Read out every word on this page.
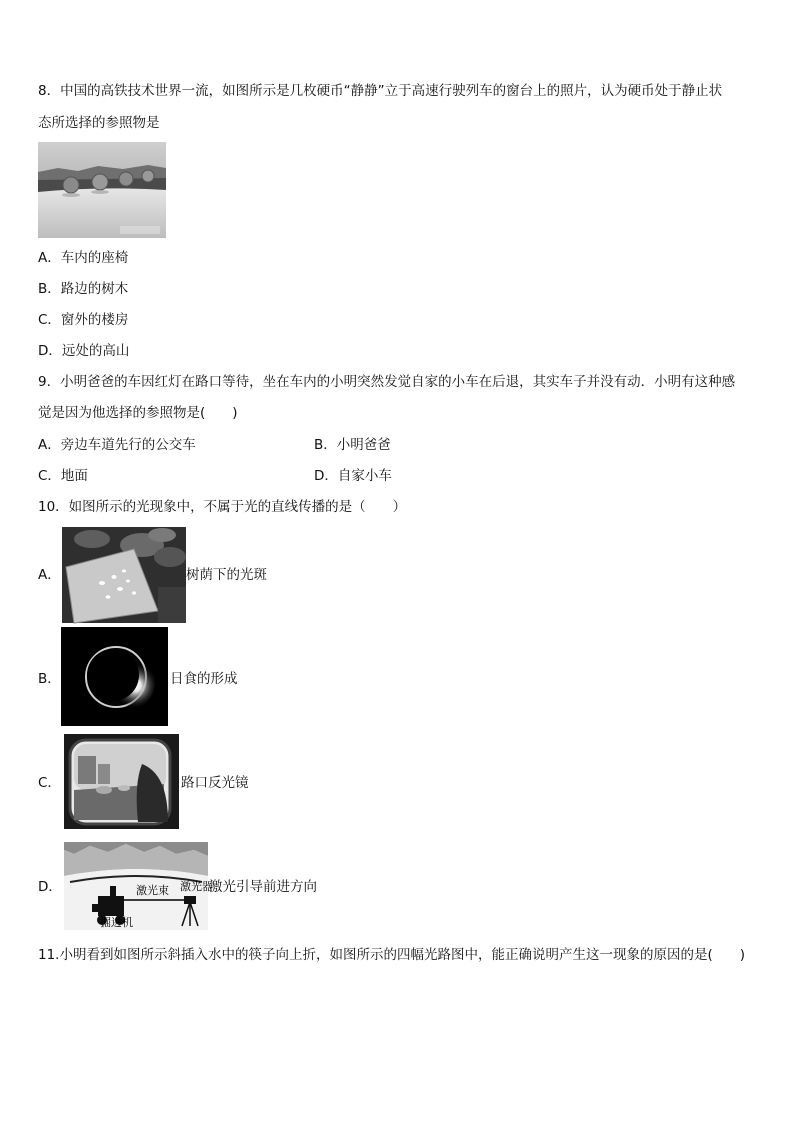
8．中国的高铁技术世界一流，如图所示是几枚硬币“静静”立于高速行驶列车的窗台上的照片，认为硬币处于静止状
态所选择的参照物是
A．车内的座椅
B．路边的树木
C．窗外的楼房
D．远处的高山
9．小明爸爸的车因红灯在路口等待，坐在车内的小明突然发觉自家的小车在后退，其实车子并没有动．小明有这种感
觉是因为他选择的参照物是(　　)
A．旁边车道先行的公交车	B．小明爸爸
C．地面	D．自家小车
10．如图所示的光现象中，不属于光的直线传播的是（　　）
A．	树荫下的光斑
B．	日食的形成
C．	路口反光镜
D．	激光束 激光器
掘进机
激光引导前进方向
11.小明看到如图所示斜插入水中的筷子向上折，如图所示的四幅光路图中，能正确说明产生这一现象的原因的是(　　)
